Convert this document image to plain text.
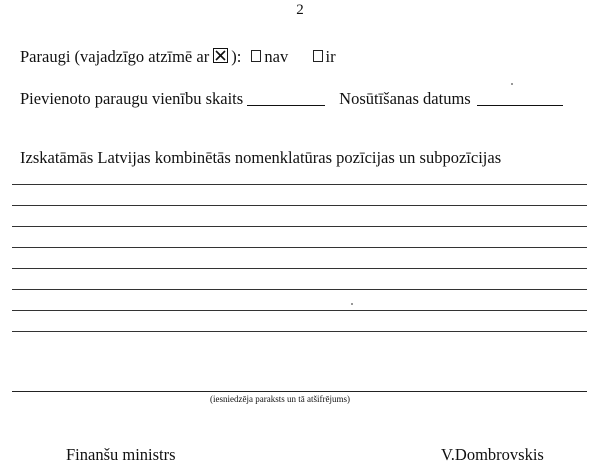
2
Paraugi (vajadzīgo atzīmē ar ): nav ir
Pievienoto paraugu vienību skaits	Nosūtīšanas datums
Izskatāmās Latvijas kombinētās nomenklatūras pozīcijas un subpozīcijas
(iesniedzēja paraksts un tā atšifrējums)
Finanšu ministrs	V.Dombrovskis
